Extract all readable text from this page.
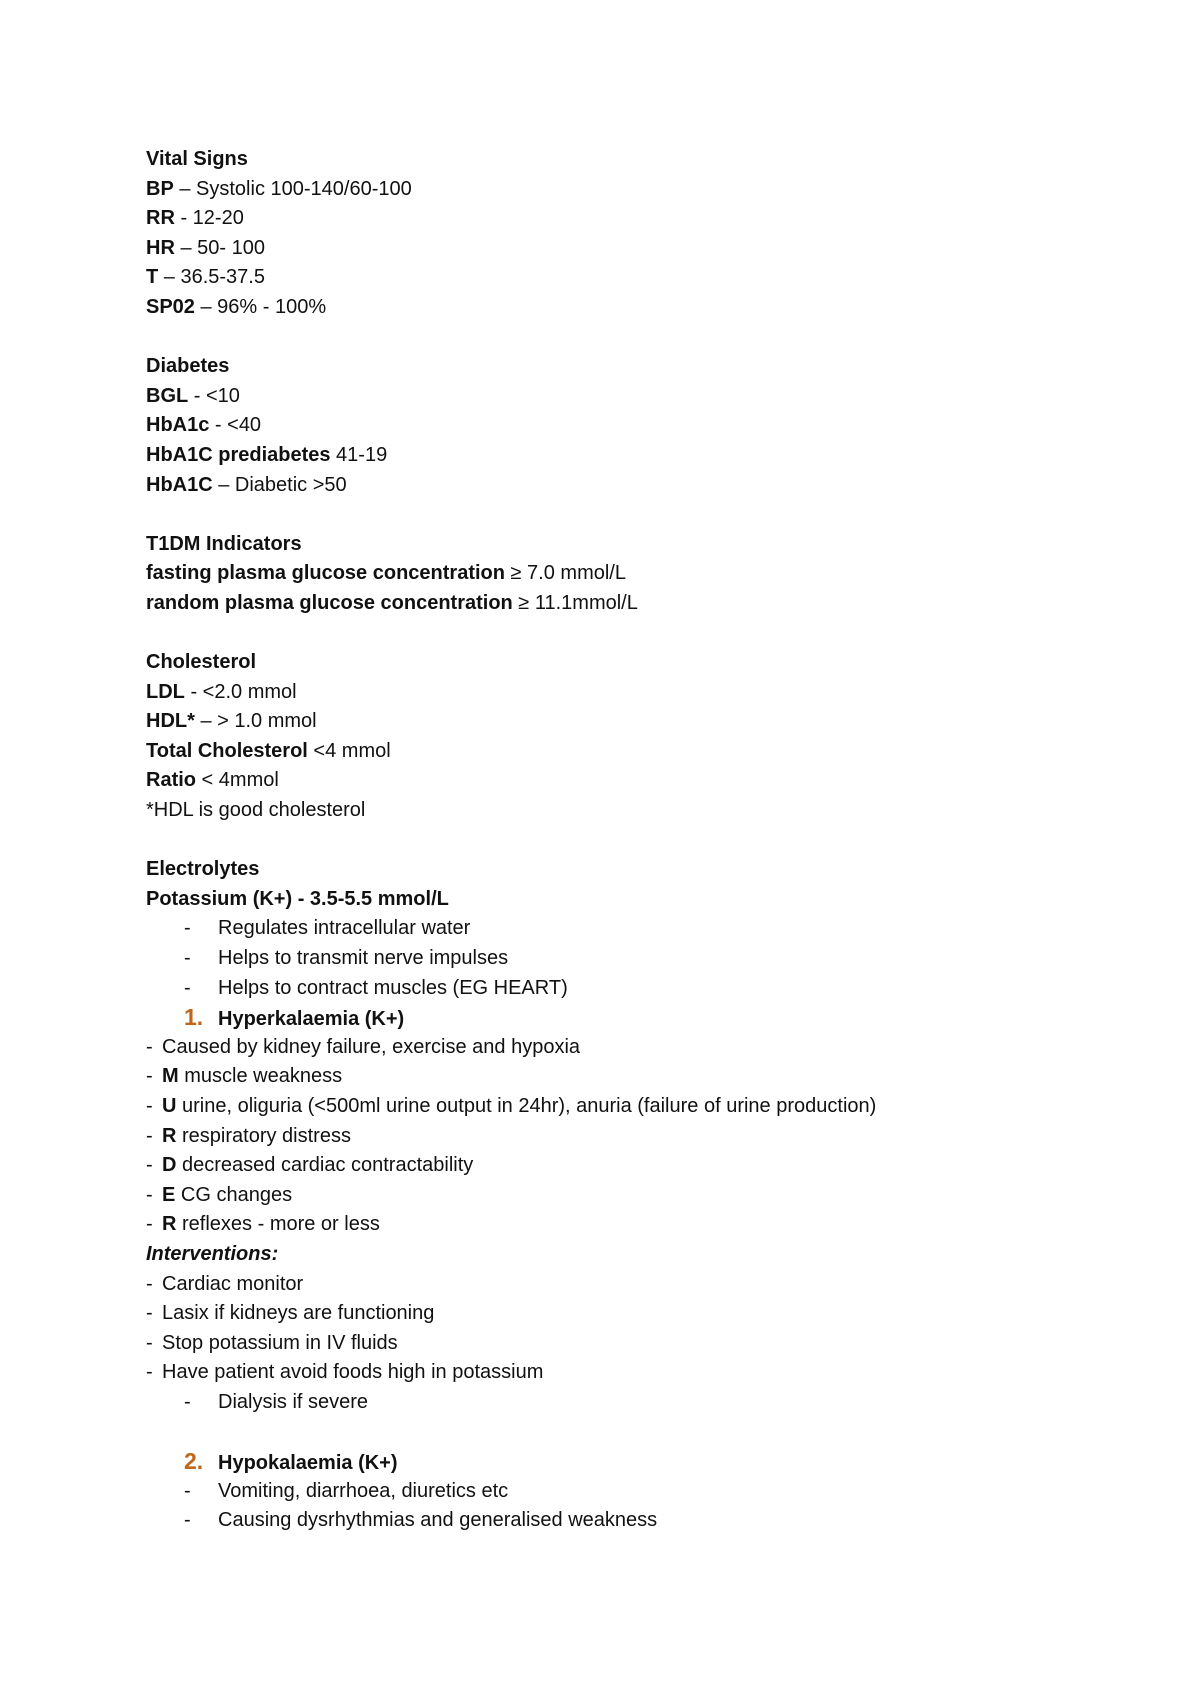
Vital Signs
BP – Systolic 100-140/60-100
RR - 12-20
HR – 50- 100
T – 36.5-37.5
SP02 – 96% - 100%
Diabetes
BGL - <10
HbA1c - <40
HbA1C prediabetes 41-19
HbA1C – Diabetic >50
T1DM Indicators
fasting plasma glucose concentration ≥ 7.0 mmol/L
random plasma glucose concentration ≥ 11.1mmol/L
Cholesterol
LDL - <2.0 mmol
HDL* – > 1.0 mmol
Total Cholesterol <4 mmol
Ratio < 4mmol
*HDL is good cholesterol
Electrolytes
Potassium (K+) - 3.5-5.5 mmol/L
- Regulates intracellular water
- Helps to transmit nerve impulses
- Helps to contract muscles (EG HEART)
1. Hyperkalaemia (K+)
- Caused by kidney failure, exercise and hypoxia
- M muscle weakness
- U urine, oliguria (<500ml urine output in 24hr), anuria (failure of urine production)
- R respiratory distress
- D decreased cardiac contractability
- E CG changes
- R reflexes - more or less
Interventions:
- Cardiac monitor
- Lasix if kidneys are functioning
- Stop potassium in IV fluids
- Have patient avoid foods high in potassium
- Dialysis if severe
2. Hypokalaemia (K+)
- Vomiting, diarrhoea, diuretics etc
- Causing dysrhythmias and generalised weakness
